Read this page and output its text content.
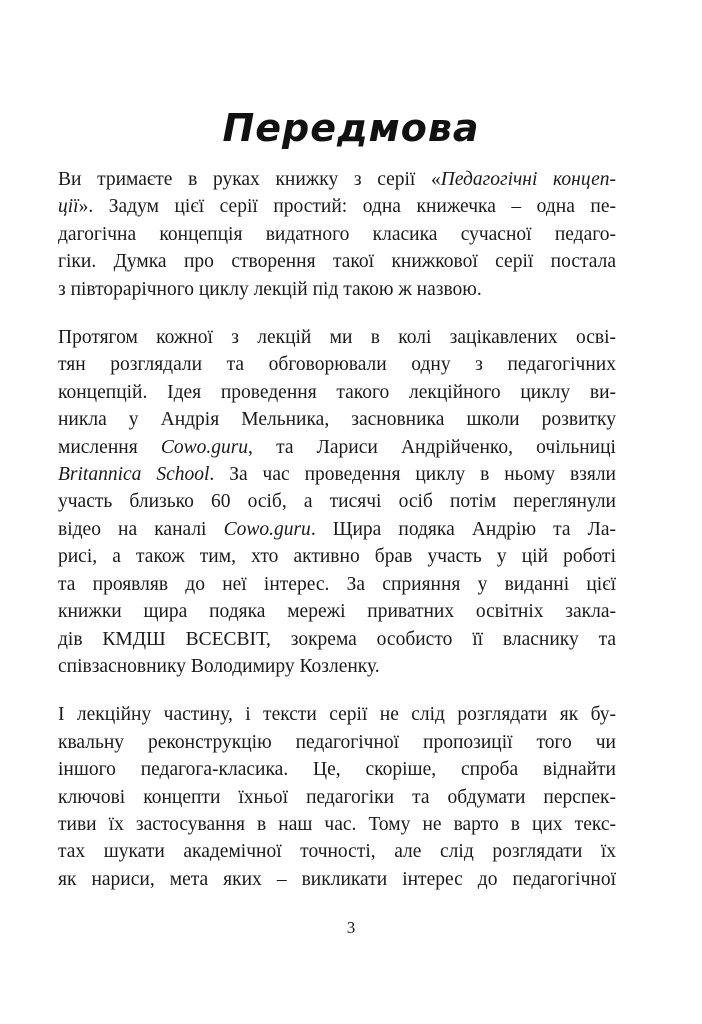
Передмова

Ви тримаєте в руках книжку з серії «Педагогічні концеп-
ції». Задум цієї серії простий: одна книжечка – одна пе-
дагогічна концепція видатного класика сучасної педаго-
гіки. Думка про створення такої книжкової серії постала
з півторарічного циклу лекцій під такою ж назвою.

Протягом кожної з лекцій ми в колі зацікавлених осві-
тян розглядали та обговорювали одну з педагогічних
концепцій. Ідея проведення такого лекційного циклу ви-
никла у Андрія Мельника, засновника школи розвитку
мислення Cowo.guru, та Лариси Андрійченко, очільниці
Britannica School. За час проведення циклу в ньому взяли
участь близько 60 осіб, а тисячі осіб потім переглянули
відео на каналі Cowo.guru. Щира подяка Андрію та Ла-
рисі, а також тим, хто активно брав участь у цій роботі
та проявляв до неї інтерес. За сприяння у виданні цієї
книжки щира подяка мережі приватних освітніх закла-
дів КМДШ ВСЕСВІТ, зокрема особисто її власнику та
співзасновнику Володимиру Козленку.

І лекційну частину, і тексти серії не слід розглядати як бу-
квальну реконструкцію педагогічної пропозиції того чи
іншого педагога-класика. Це, скоріше, спроба віднайти
ключові концепти їхньої педагогіки та обдумати перспек-
тиви їх застосування в наш час. Тому не варто в цих текс-
тах шукати академічної точності, але слід розглядати їх
як нариси, мета яких – викликати інтерес до педагогічної

3
